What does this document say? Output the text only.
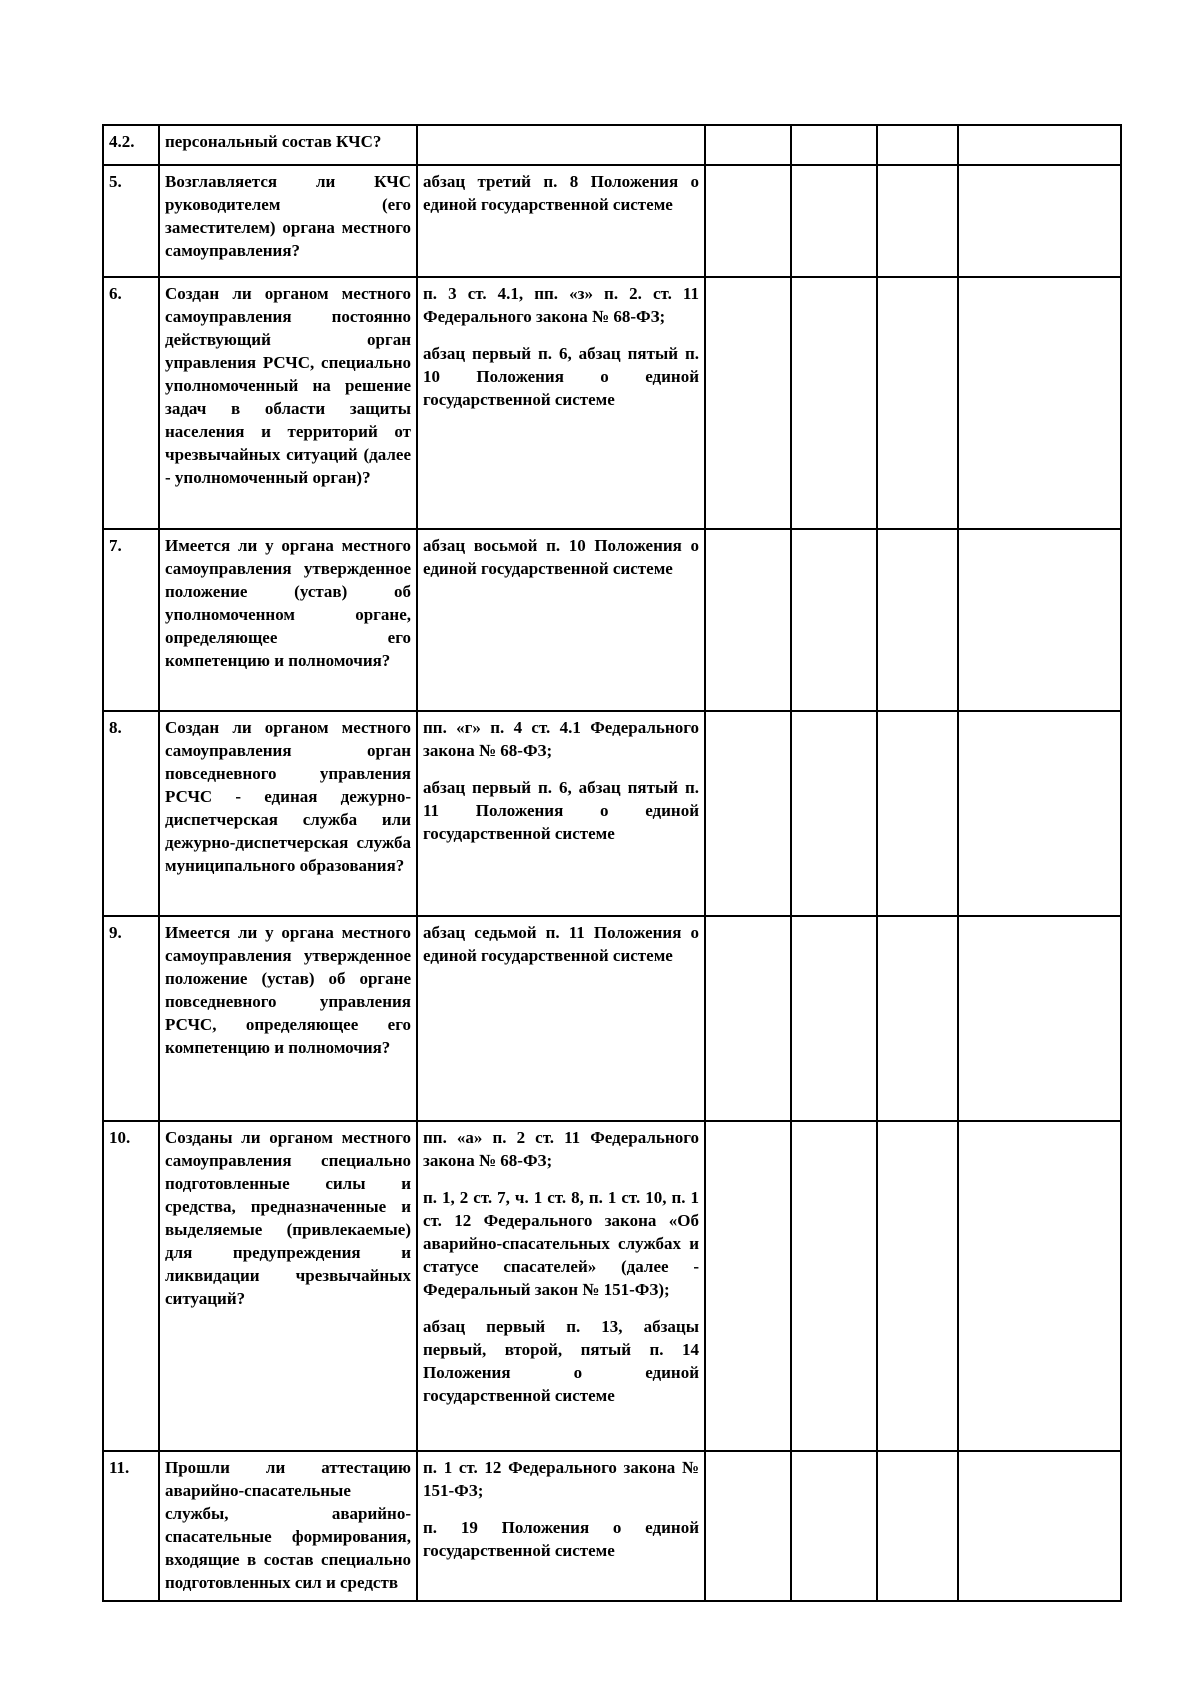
4.2.	персональный состав КЧС?					
5.	Возглавляется ли КЧС руководителем (его заместителем) органа местного самоуправления?	абзац третий п. 8 Положения о единой государственной системе				

6.	Создан ли органом местного самоуправления постоянно действующий орган управления РСЧС, специально уполномоченный на решение задач в области защиты населения и территорий от чрезвычайных ситуаций (далее - уполномоченный орган)?	п. 3 ст. 4.1, пп. «з» п. 2. ст. 11 Федерального закона № 68-ФЗ;
абзац первый п. 6, абзац пятый п. 10 Положения о единой государственной системе				

7.	Имеется ли у органа местного самоуправления утвержденное положение (устав) об уполномоченном органе, определяющее его компетенцию и полномочия?	абзац восьмой п. 10 Положения о единой государственной системе				

8.	Создан ли органом местного самоуправления орган повседневного управления РСЧС - единая дежурно-диспетчерская служба или дежурно-диспетчерская служба муниципального образования?	пп. «г» п. 4 ст. 4.1 Федерального закона № 68-ФЗ;
абзац первый п. 6, абзац пятый п. 11 Положения о единой государственной системе				

9.	Имеется ли у органа местного самоуправления утвержденное положение (устав) об органе повседневного управления РСЧС, определяющее его компетенцию и полномочия?	абзац седьмой п. 11 Положения о единой государственной системе				

10.	Созданы ли органом местного самоуправления специально подготовленные силы и средства, предназначенные и выделяемые (привлекаемые) для предупреждения и ликвидации чрезвычайных ситуаций?	пп. «а» п. 2 ст. 11 Федерального закона № 68-ФЗ;
п. 1, 2 ст. 7, ч. 1 ст. 8, п. 1 ст. 10, п. 1 ст. 12 Федерального закона «Об аварийно-спасательных службах и статусе спасателей» (далее - Федеральный закон № 151-ФЗ);
абзац первый п. 13, абзацы первый, второй, пятый п. 14 Положения о единой государственной системе				

11.	Прошли ли аттестацию аварийно-спасательные службы, аварийно-спасательные формирования, входящие в состав специально подготовленных сил и средств	п. 1 ст. 12 Федерального закона № 151-ФЗ;
п. 19 Положения о единой государственной системе				
